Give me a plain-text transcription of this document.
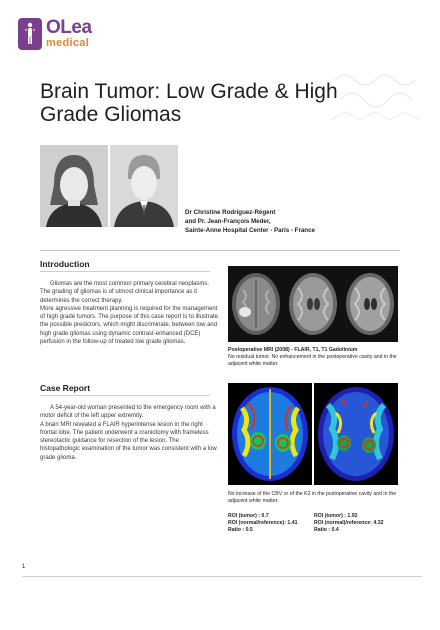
OLea
medical
Brain Tumor: Low Grade & High Grade Gliomas
Dr Christine Rodriguez-Régent
and Pr. Jean-François Meder,
Sainte-Anne Hospital Center - Paris - France
Introduction

Gliomas are the most common primary cerebral neoplasms. The grading of gliomas is of utmost clinical importance as it determines the correct therapy.

More agressive treatment planning is required for the management of high grade tumors. The purpose of this case report is to illustrate the possible predictors, which might discriminate, between low and high grade gliomas using dynamic contrast-enhanced (DCE) perfusion in the follow-up of treated low grade gliomas.

Case Report

A 54-year-old woman presented to the emergency room with a motor deficit of the left upper extremity.

A brain MRI revealed a FLAIR hyperintense lesion in the right frontal lobe. The patient underwent a craniotomy with frameless stereotactic guidance for resection of the lesion. The histopathologic examination of the tumor was consistent with a low grade glioma.

Postoperative MRI (2008) - FLAIR, T1, T1 Gadolinium
No residual tumor. No enhancement in the postoperative cavity and in the adjacent white matter.
No increase of the CBV or of the K2 in the postoperative cavity and in the adjacent white matter.
ROI (tumor) : 0.7
ROI (normal/reference): 1.41
Ratio : 0.5
ROI (tumor) : 1.92
ROI (normal)/reference: 4.32
Ratio : 0.4
1
